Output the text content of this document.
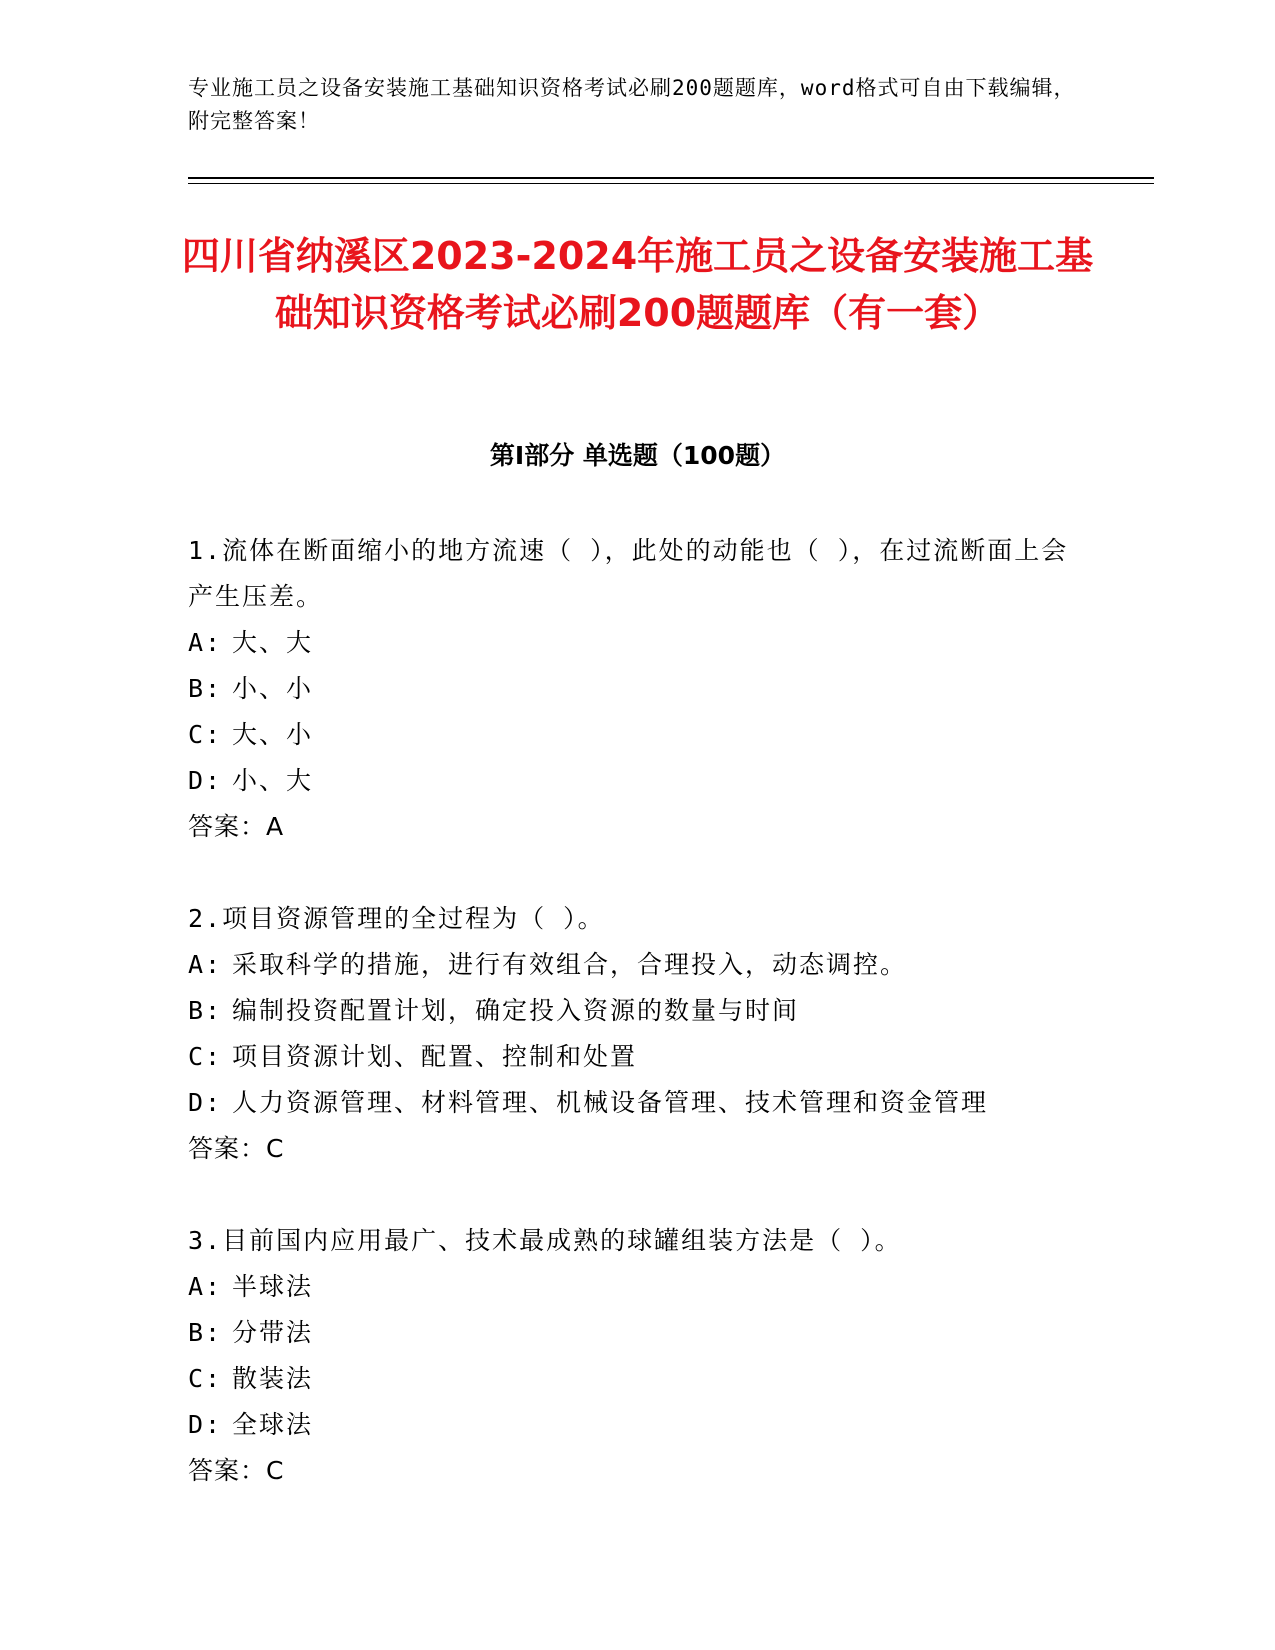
专业施工员之设备安装施工基础知识资格考试必刷200题题库，word格式可自由下载编辑，附完整答案！
四川省纳溪区2023-2024年施工员之设备安装施工基础知识资格考试必刷200题题库（有一套）
第I部分 单选题（100题）
1.流体在断面缩小的地方流速（ ），此处的动能也（ ），在过流断面上会产生压差。
A: 大、大
B: 小、小
C: 大、小
D: 小、大
答案：A
2.项目资源管理的全过程为（ ）。
A: 采取科学的措施，进行有效组合，合理投入，动态调控。
B: 编制投资配置计划，确定投入资源的数量与时间
C: 项目资源计划、配置、控制和处置
D: 人力资源管理、材料管理、机械设备管理、技术管理和资金管理
答案：C
3.目前国内应用最广、技术最成熟的球罐组装方法是（ ）。
A: 半球法
B: 分带法
C: 散装法
D: 全球法
答案：C
